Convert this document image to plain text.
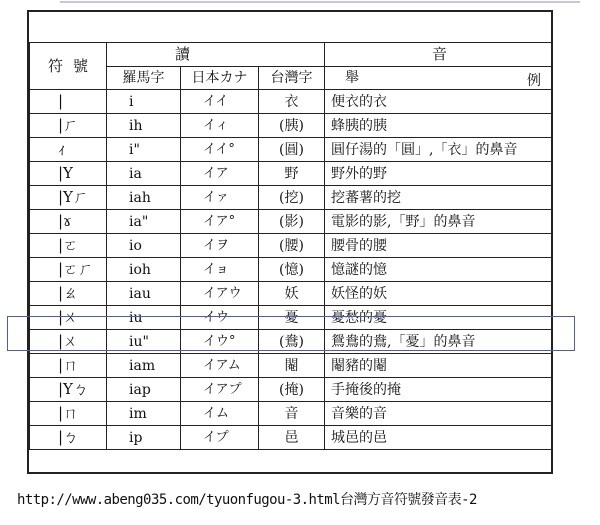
符號	讀			音
	羅馬字	日本カナ	台灣字	舉 例

|	i	イイ	衣	便衣的衣
|ㄏ	ih	イィ	(胰)	蜂胰的胰
ｨ	i"	イイ°	(圓)	圓仔湯的「圓」,「衣」的鼻音
|Y	ia	イア	野	野外的野
|Yㄏ	iah	イァ	(挖)	挖蕃薯的挖
|ɤ	ia"	イア°	(影)	電影的影,「野」的鼻音
|ㄛ	io	イヲ	(腰)	腰骨的腰
|ㄛㄏ	ioh	イョ	(憶)	憶謎的憶
|ㄠ	iau	イアウ	妖	妖怪的妖
|ㄨ	iu	イウ	憂	憂愁的憂
|ㄨ	iu"	イウ°	(鴦)	鴛鴦的鴦,「憂」的鼻音
|ㄇ	iam	イアム	閹	閹豬的閹
|Yㄅ	iap	イアプ	(掩)	手掩後的掩
|ㄇ	im	イム	音	音樂的音
|ㄅ	ip	イプ	邑	城邑的邑
http://www.abeng035.com/tyuonfugou-3.html台灣方音符號發音表-2
